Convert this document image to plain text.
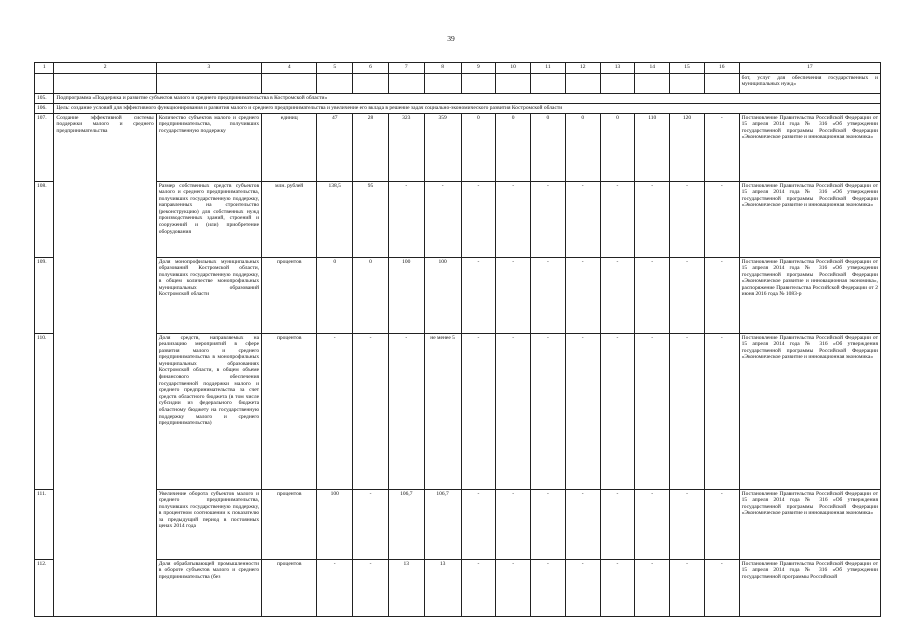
39
1	2	3	4	5	6	7	8	9	10	11	12	13	14	15	16	17
																бот, услуг для обеспечения государственных и муниципальных нужд»
105.	Подпрограмма «Поддержка и развитие субъектов малого и среднего предпринимательства в Костромской области»															
106.	Цель: создание условий для эффективного функционирования и развития малого и среднего предпринимательства и увеличение его вклада в решение задач социально-экономического развития Костромской области															
107.	Создание эффективной системы поддержки малого и среднего предпринимательства	Количество субъектов малого и среднего предпринимательства, получивших государственную поддержку	единиц	47	28	323	359	0	0	0	0	0	110	120	-	Постановление Правительства Российской Федерации от 15 апреля 2014 года № 316 «Об утверждении государственной программы Российской Федерации «Экономическое развитие и инновационная экономика»
108.		Размер собственных средств субъектов малого и среднего предпринимательства, получивших государственную поддержку, направленных на строительство (реконструкцию) для собственных нужд производственных зданий, строений и сооружений и (или) приобретение оборудования	млн. рублей	138,5	95	-	-	-	-	-	-	-	-	-	-	Постановление Правительства Российской Федерации от 15 апреля 2014 года № 316 «Об утверждении государственной программы Российской Федерации «Экономическое развитие и инновационная экономика»
109.		Доля монопрофильных муниципальных образований Костромской области, получивших государственную поддержку, в общем количестве монопрофильных муниципальных образований Костромской области	процентов	0	0	100	100	-	-	-	-	-	-	-	-	Постановление Правительства Российской Федерации от 15 апреля 2014 года № 316 «Об утверждении государственной программы Российской Федерации «Экономическое развитие и инновационная экономика», распоряжение Правительства Российской Федерации от 2 июня 2016 года № 1083-р
110.		Доля средств, направляемых на реализацию мероприятий в сфере развития малого и среднего предпринимательства в монопрофильных муниципальных образованиях Костромской области, в общем объеме финансового обеспечения государственной поддержки малого и среднего предпринимательства за счет средств областного бюджета (в том числе субсидии из федерального бюджета областному бюджету на государственную поддержку малого и среднего предпринимательства)	процентов	-	-	-	не менее 5	-	-	-	-	-	-	-	-	Постановление Правительства Российской Федерации от 15 апреля 2014 года № 316 «Об утверждения государственной программы Российской Федерации «Экономическое развитие и инновационная экономика»
111.		Увеличение оборота субъектов малого и среднего предпринимательства, получивших государственную поддержку, в процентном соотношении к показателю за предыдущий период в постоянных ценах 2014 года	процентов	100	-	106,7	106,7	-	-	-	-	-	-	-	-	Постановление Правительства Российской Федерации от 15 апреля 2014 года № 316 «Об утверждения государственной программы Российской Федерации «Экономическое развитие и инновационная экономика»
112.		Доля обрабатывающей промышленности в обороте субъектов малого и среднего предпринимательства (без	процентов	-	-	13	13	-	-	-	-	-	-	-	-	Постановление Правительства Российской Федерации от 15 апреля 2014 года № 316 «Об утверждении государственной программы Российской
